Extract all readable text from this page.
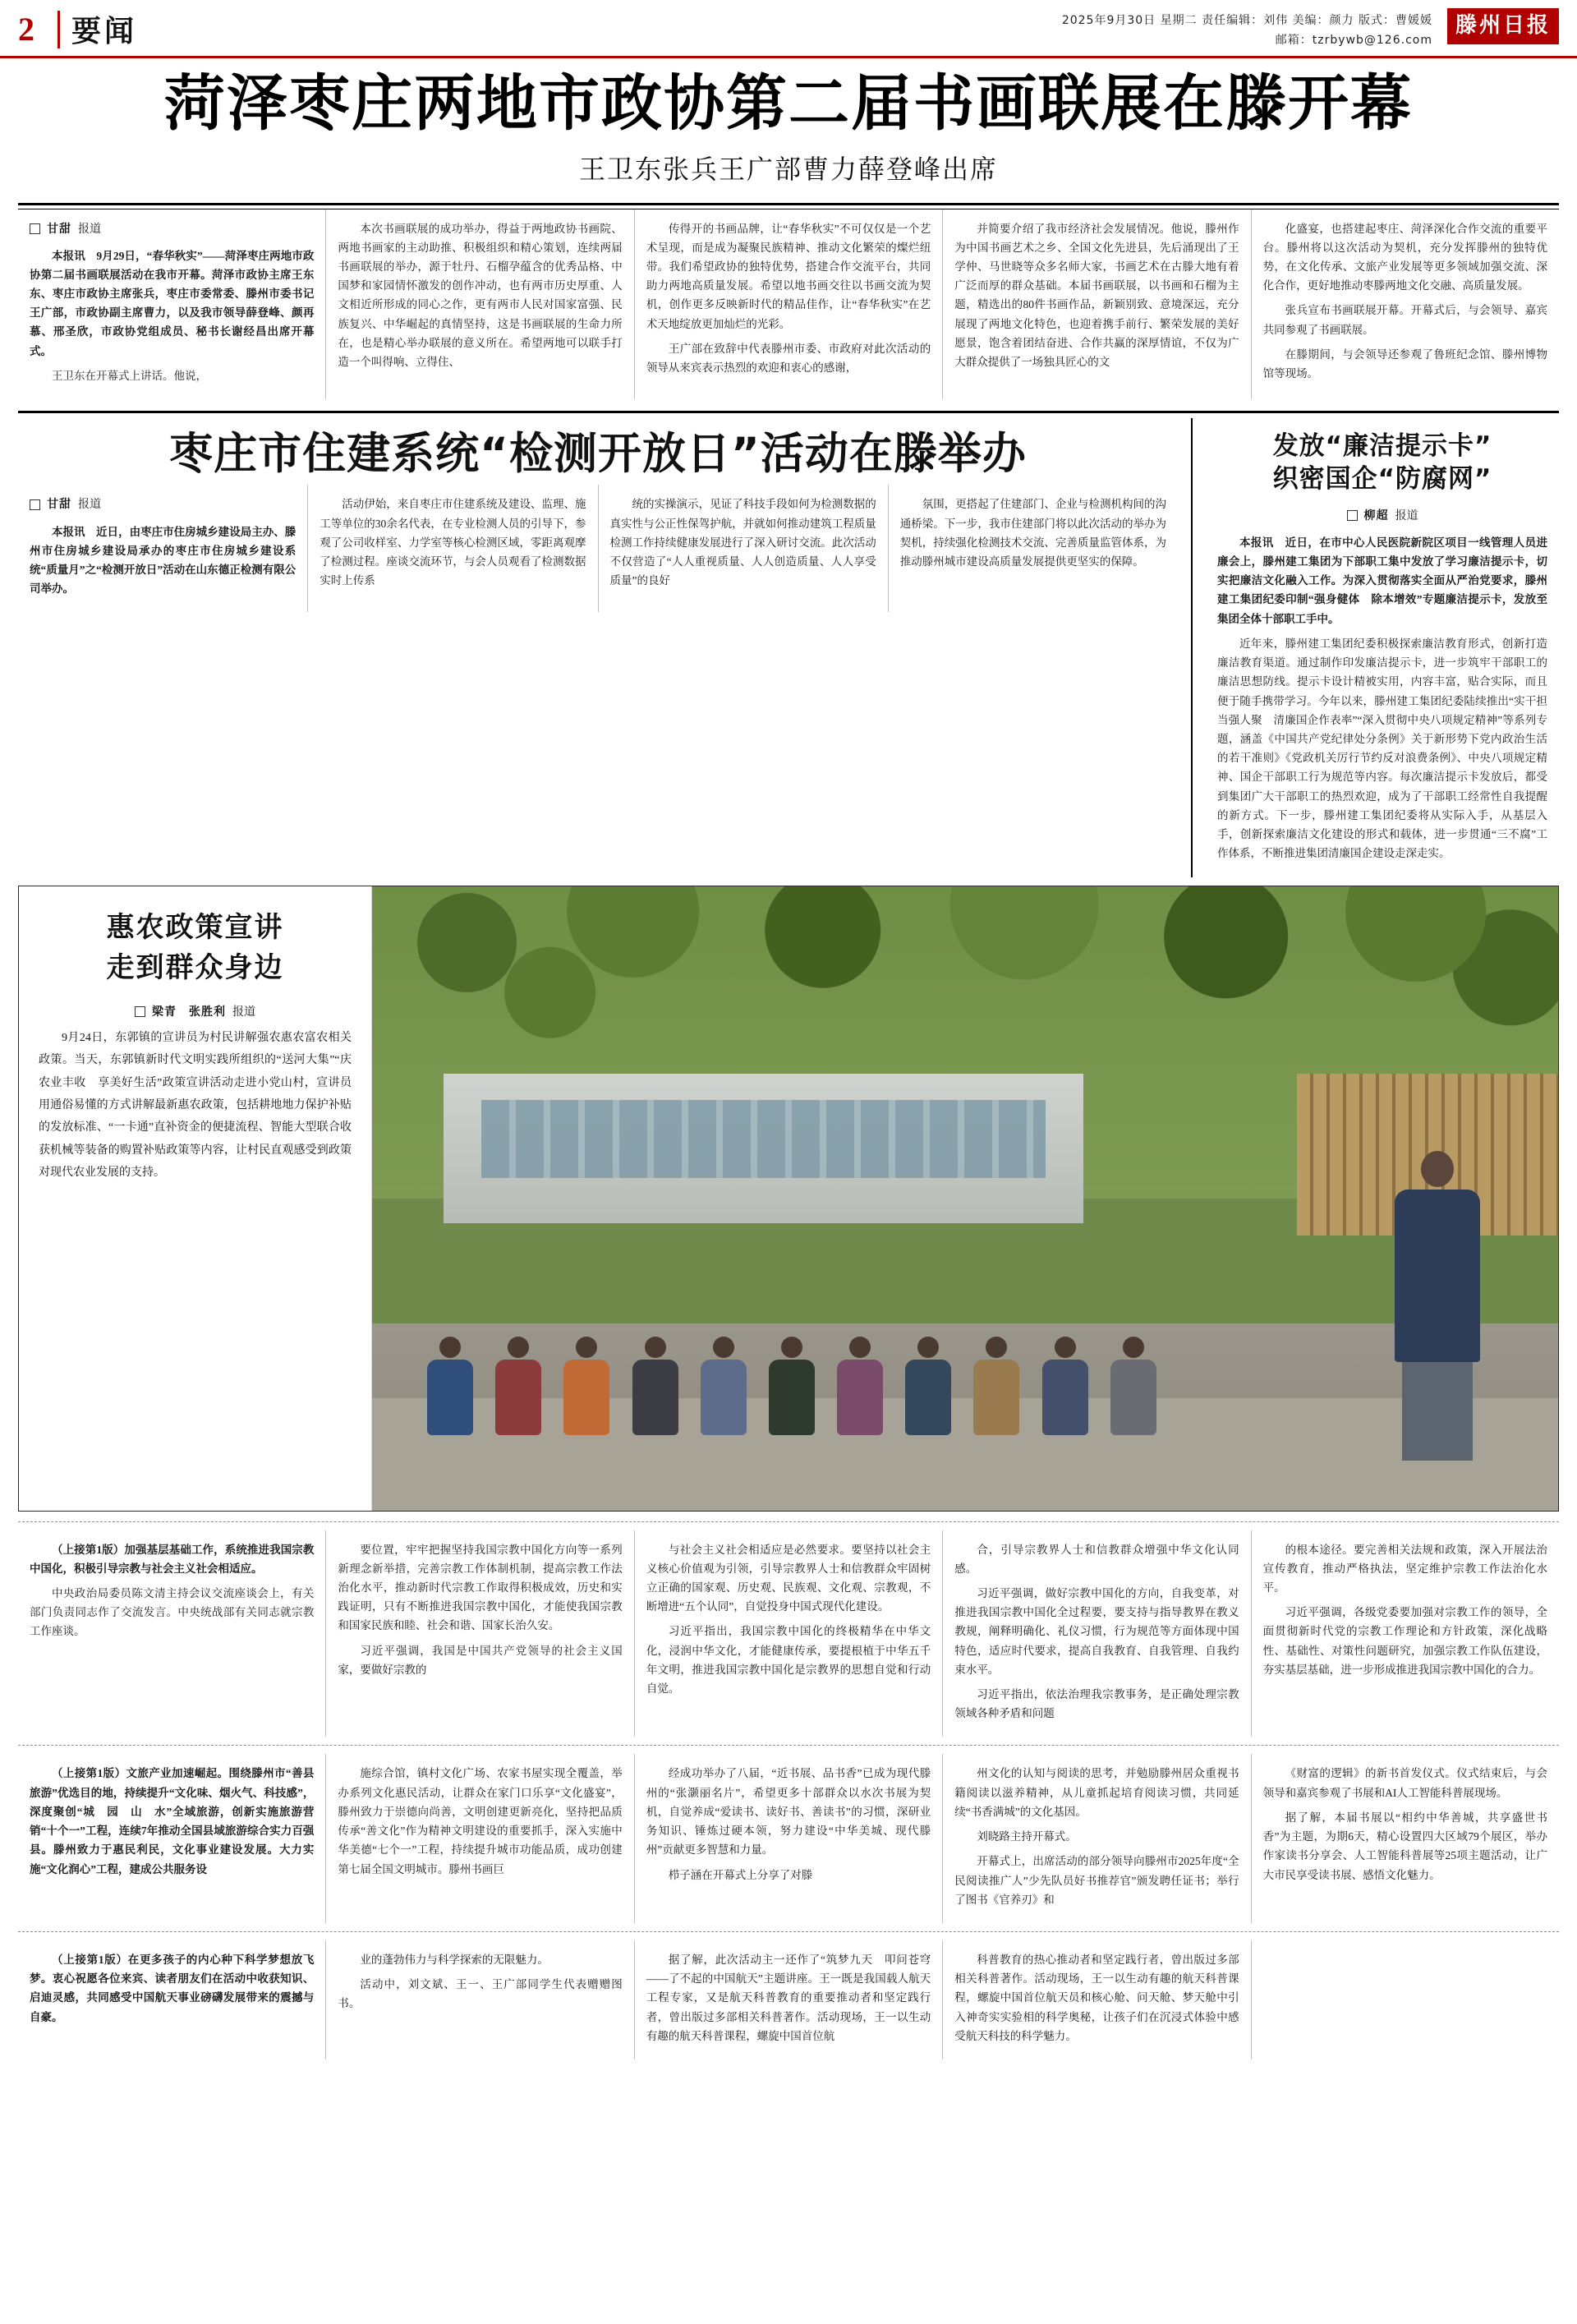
2	要闻	2025年9月30日 星期二 责任编辑：刘伟 美编：颜力 版式：曹媛媛
邮箱：tzrbywb@126.com
滕州日报
菏泽枣庄两地市政协第二届书画联展在滕开幕
王卫东张兵王广部曹力薛登峰出席
甘甜 报道

本报讯　9月29日，“春华秋实”——菏泽枣庄两地市政协第二届书画联展活动在我市开幕。菏泽市政协主席王东东、枣庄市政协主席张兵，枣庄市委常委、滕州市委书记王广部，市政协副主席曹力，以及我市领导薛登峰、颜再慕、邢圣欣，市政协党组成员、秘书长谢经昌出席开幕式。

王卫东在开幕式上讲话。他说，

本次书画联展的成功举办，得益于两地政协书画院、两地书画家的主动助推、积极组织和精心策划，连续两届书画联展的举办，源于牡丹、石榴孕蕴含的优秀品格、中国梦和家园情怀激发的创作冲动，也有两市历史厚重、人文相近所形成的同心之作，更有两市人民对国家富强、民族复兴、中华崛起的真情坚持，这是书画联展的生命力所在，也是精心举办联展的意义所在。希望两地可以联手打造一个叫得响、立得住、

传得开的书画品牌，让“春华秋实”不可仅仅是一个艺术呈现，而是成为凝聚民族精神、推动文化繁荣的燦烂纽带。我们希望政协的独特优势，搭建合作交流平台，共同助力两地高质量发展。希望以地书画交往以书画交流为契机，创作更多反映新时代的精品佳作，让“春华秋实”在艺术天地绽放更加灿烂的光彩。

王广部在致辞中代表滕州市委、市政府对此次活动的领导从来宾表示热烈的欢迎和衷心的感谢，

并简要介绍了我市经济社会发展情况。他说，滕州作为中国书画艺术之乡、全国文化先进县，先后涌现出了王学仲、马世晓等众多名师大家，书画艺术在古滕大地有着广泛而厚的群众基础。本届书画联展，以书画和石榴为主题，精选出的80件书画作品，新颖别致、意境深远，充分展现了两地文化特色，也迎着携手前行、繁荣发展的美好愿景，饱含着团结奋进、合作共赢的深厚情谊，不仅为广大群众提供了一场独具匠心的文

化盛宴，也搭建起枣庄、菏泽深化合作交流的重要平台。滕州将以这次活动为契机，充分发挥滕州的独特优势，在文化传承、文旅产业发展等更多领域加强交流、深化合作，更好地推动枣滕两地文化交融、高质量发展。

张兵宣布书画联展开幕。开幕式后，与会领导、嘉宾共同参观了书画联展。

在滕期间，与会领导还参观了鲁班纪念馆、滕州博物馆等现场。

枣庄市住建系统“检测开放日”活动在滕举办
甘甜 报道

本报讯　近日，由枣庄市住房城乡建设局主办、滕州市住房城乡建设局承办的枣庄市住房城乡建设系统“质量月”之“检测开放日”活动在山东德正检测有限公司举办。

活动伊始，来自枣庄市住建系统及建设、监理、施工等单位的30余名代表，在专业检测人员的引导下，参观了公司收样室、力学室等核心检测区域，零距离观摩了检测过程。座谈交流环节，与会人员观看了检测数据实时上传系

统的实操演示，见证了科技手段如何为检测数据的真实性与公正性保驾护航，并就如何推动建筑工程质量检测工作持续健康发展进行了深入研讨交流。此次活动不仅营造了“人人重视质量、人人创造质量、人人享受质量”的良好

氛围，更搭起了住建部门、企业与检测机构间的沟通桥梁。下一步，我市住建部门将以此次活动的举办为契机，持续强化检测技术交流、完善质量监管体系，为推动滕州城市建设高质量发展提供更坚实的保障。

发放“廉洁提示卡”
织密国企“防腐网”
柳超 报道

本报讯　近日，在市中心人民医院新院区项目一线管理人员进廉会上，滕州建工集团为下部职工集中发放了学习廉洁提示卡，切实把廉洁文化融入工作。为深入贯彻落实全面从严治党要求，滕州建工集团纪委印制“强身健体　除本增效”专题廉洁提示卡，发放至集团全体十部职工手中。

近年来，滕州建工集团纪委积极探索廉洁教育形式，创新打造廉洁教育渠道。通过制作印发廉洁提示卡，进一步筑牢干部职工的廉洁思想防线。提示卡设计精被实用，内容丰富，贴合实际，而且便于随手携带学习。今年以来，滕州建工集团纪委陆续推出“实干担当强人聚　清廉国企作表率”“深入贯彻中央八项规定精神”等系列专题，涵盖《中国共产党纪律处分条例》关于新形势下党内政治生活的若干准则》《党政机关厉行节约反对浪费条例》、中央八项规定精神、国企干部职工行为规范等内容。每次廉洁提示卡发放后，都受到集团广大干部职工的热烈欢迎，成为了干部职工经常性自我提醒的新方式。下一步，滕州建工集团纪委将从实际入手，从基层入手，创新探索廉洁文化建设的形式和载体，进一步贯通“三不腐”工作体系，不断推进集团清廉国企建设走深走实。

惠农政策宣讲
走到群众身边
梁青　张胜利 报道

9月24日，东郭镇的宣讲员为村民讲解强农惠农富农相关政策。当天，东郭镇新时代文明实践所组织的“送河大集”“庆农业丰收　享美好生活”政策宣讲活动走进小党山村，宣讲员用通俗易懂的方式讲解最新惠农政策，包括耕地地力保护补贴的发放标准、“一卡通”直补资金的便捷流程、智能大型联合收获机械等装备的购置补贴政策等内容，让村民直观感受到政策对现代农业发展的支持。

（上接第1版）加强基层基础工作，系统推进我国宗教中国化，积极引导宗教与社会主义社会相适应。

中央政治局委员陈文清主持会议交流座谈会上，有关部门负责同志作了交流发言。中央统战部有关同志就宗教工作座谈。

要位置，牢牢把握坚持我国宗教中国化方向等一系列新理念新举措，完善宗教工作体制机制，提高宗教工作法治化水平，推动新时代宗教工作取得积极成效，历史和实践证明，只有不断推进我国宗教中国化，才能使我国宗教和国家民族和睦、社会和谐、国家长治久安。

习近平强调，我国是中国共产党领导的社会主义国家，要做好宗教的

与社会主义社会相适应是必然要求。要坚持以社会主义核心价值观为引领，引导宗教界人士和信教群众牢固树立正确的国家观、历史观、民族观、文化观、宗教观，不断增进“五个认同”，自觉投身中国式现代化建设。

习近平指出，我国宗教中国化的终极精华在中华文化，浸润中华文化，才能健康传承，要提根植于中华五千年文明，推进我国宗教中国化是宗教界的思想自觉和行动自觉。

合，引导宗教界人士和信教群众增强中华文化认同感。

习近平强调，做好宗教中国化的方向，自我变革，对推进我国宗教中国化全过程要，要支持与指导教界在教义教规，阐释明确化、礼仪习惯，行为规范等方面体现中国特色，适应时代要求，提高自我教育、自我管理、自我约束水平。

习近平指出，依法治理我宗教事务，是正确处理宗教领域各种矛盾和问题

的根本途径。要完善相关法规和政策，深入开展法治宣传教育，推动严格执法，坚定维护宗教工作法治化水平。

习近平强调，各级党委要加强对宗教工作的领导，全面贯彻新时代党的宗教工作理论和方针政策，深化战略性、基础性、对策性问题研究，加强宗教工作队伍建设，夯实基层基础，进一步形成推进我国宗教中国化的合力。

（上接第1版）文旅产业加速崛起。围绕滕州市“善县旅游”优选目的地，持续提升“文化味、烟火气、科技感”，深度聚创“城　园　山　水”全域旅游，创新实施旅游营销“十个一”工程，连续7年推动全国县域旅游综合实力百强县。滕州致力于惠民利民，文化事业建设发展。大力实施“文化润心”工程，建成公共服务设

施综合馆，镇村文化广场、农家书屋实现全覆盖，举办系列文化惠民活动，让群众在家门口乐享“文化盛宴”，滕州致力于崇德向尚善，文明创建更新亮化，坚持把品质传承“善文化”作为精神文明建设的重要抓手，深入实施中华美德“七个一”工程，持续提升城市功能品质，成功创建第七届全国文明城市。滕州书画巨

经成功举办了八届，“近书展、品书香”已成为现代滕州的“张灏丽名片”，希望更多十部群众以水次书展为契机，自觉养成“爱读书、读好书、善读书”的习惯，深研业务知识、锤炼过硬本领，努力建设“中华美城、现代滕州”贡献更多智慧和力量。

栉子涵在开幕式上分享了对滕

州文化的认知与阅读的思考，并勉励滕州居众重视书籍阅读以滋养精神，从儿童抓起培育阅读习惯，共同延续“书香满城”的文化基因。

刘晓路主持开幕式。

开幕式上，出席活动的部分领导向滕州市2025年度“全民阅读推广人”少先队员好书推荐官”颁发聘任证书；举行了图书《官养刃》和

《财富的逻辑》的新书首发仪式。仪式结束后，与会领导和嘉宾参观了书展和AI人工智能科普展现场。

据了解，本届书展以“相约中华善城，共享盛世书香”为主题，为期6天，精心设置四大区域79个展区，举办作家读书分享会、人工智能科普展等25项主题活动，让广大市民享受读书展、感悟文化魅力。

（上接第1版）在更多孩子的内心种下科学梦想放飞梦。衷心祝愿各位来宾、读者朋友们在活动中收获知识、启迪灵感，共同感受中国航天事业磅礴发展带来的震撼与自豪。

业的蓬勃伟力与科学探索的无限魅力。

活动中，刘文斌、王一、王广部同学生代表赠赠图书。

据了解，此次活动主一还作了“筑梦九天　叩问苍穹——了不起的中国航天”主题讲座。王一既是我国载人航天工程专家，又是航天科普教育的重要推动者和坚定践行者，曾出版过多部相关科普著作。活动现场，王一以生动有趣的航天科普课程，螺旋中国首位航

科普教育的热心推动者和坚定践行者，曾出版过多部相关科普著作。活动现场，王一以生动有趣的航天科普课程，螺旋中国首位航天员和核心舱、问天舱、梦天舱中引入神奇实实验相的科学奥秘，让孩子们在沉浸式体验中感受航天科技的科学魅力。
